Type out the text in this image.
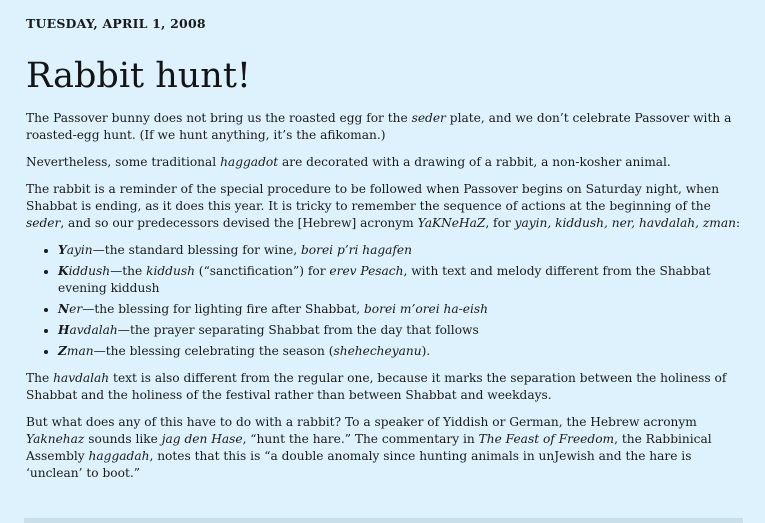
TUESDAY, APRIL 1, 2008
Rabbit hunt!

The Passover bunny does not bring us the roasted egg for the seder plate, and we don’t celebrate Passover with a roasted-egg hunt. (If we hunt anything, it’s the afikoman.)

Nevertheless, some traditional haggadot are decorated with a drawing of a rabbit, a non-kosher animal.

The rabbit is a reminder of the special procedure to be followed when Passover begins on Saturday night, when Shabbat is ending, as it does this year. It is tricky to remember the sequence of actions at the beginning of the seder, and so our predecessors devised the [Hebrew] acronym YaKNeHaZ, for yayin, kiddush, ner, havdalah, zman:

• Yayin—the standard blessing for wine, borei p’ri hagafen
• Kiddush—the kiddush (“sanctification”) for erev Pesach, with text and melody different from the Shabbat evening kiddush
• Ner—the blessing for lighting fire after Shabbat, borei m’orei ha-eish
• Havdalah—the prayer separating Shabbat from the day that follows
• Zman—the blessing celebrating the season (shehecheyanu).

The havdalah text is also different from the regular one, because it marks the separation between the holiness of Shabbat and the holiness of the festival rather than between Shabbat and weekdays.

But what does any of this have to do with a rabbit? To a speaker of Yiddish or German, the Hebrew acronym Yaknehaz sounds like jag den Hase, “hunt the hare.” The commentary in The Feast of Freedom, the Rabbinical Assembly haggadah, notes that this is “a double anomaly since hunting animals in unJewish and the hare is ‘unclean’ to boot.”
